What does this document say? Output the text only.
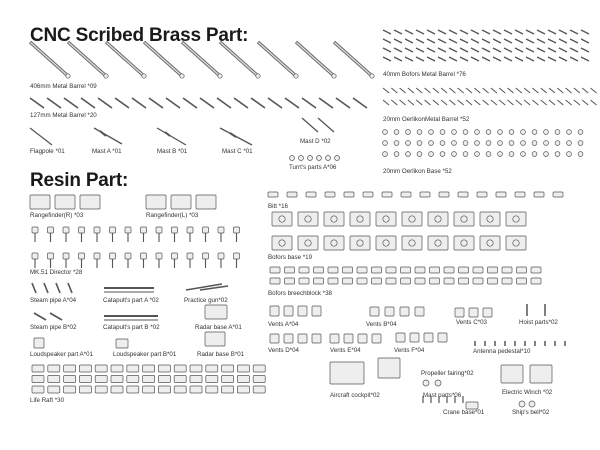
CNC Scribed Brass Part:
Resin Part:
406mm Metal Barrel *09
127mm Metal Barrel *20
Flagpole *01	Mast A *01	Mast B *01	Mast C *01
Mast D *02
Turrt's parts A*06
40mm Bofors Metal Barrel *76
20mm OerlikonMetal Barrel *52
20mm Oerlikon Base *52
Rangefinder(R) *03	Rangefinder(L) *03
MK.51 Director *28
Steam pipe A*04	Catapult's part A *02	Practice gun*02
Steam pipe B*02	Catapult's part B *02	Radar base A*01
Loudspeaker part A*01	Loudspeaker part B*01	Radar base B*01
Life Raft *30
Bitt *16
Bofors base *19
Bofors breechblock *38
Vents A*04	Vents B*04	Vents C*03	Hoist parts*02
Vents D*04	Vents E*04	Vents F*04	Antenna pedestal*10
Propeller fairing*02
Aircraft cockpit*02	Mast parts*06	Electric Winch *02
Crane base*01	Ship's bell*02
